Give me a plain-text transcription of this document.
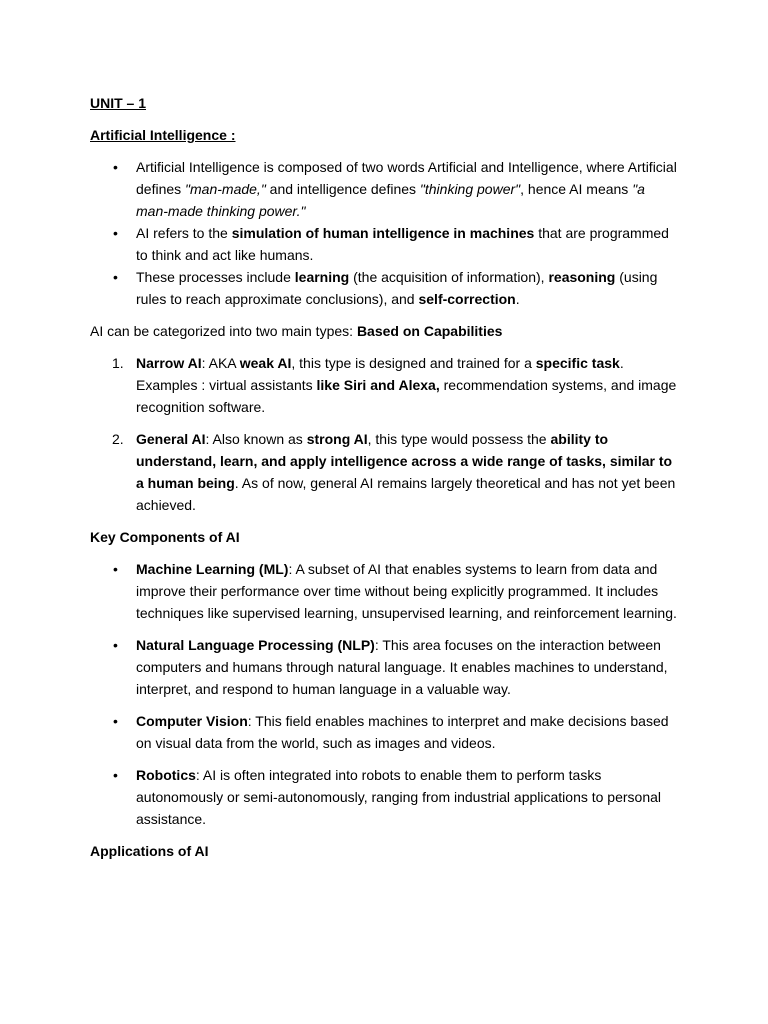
UNIT – 1

Artificial Intelligence :

• Artificial Intelligence is composed of two words Artificial and Intelligence, where Artificial defines "man-made," and intelligence defines "thinking power", hence AI means "a man-made thinking power."
• AI refers to the simulation of human intelligence in machines that are programmed to think and act like humans.
• These processes include learning (the acquisition of information), reasoning (using rules to reach approximate conclusions), and self-correction.

AI can be categorized into two main types: Based on Capabilities

1. Narrow AI: AKA weak AI, this type is designed and trained for a specific task. Examples : virtual assistants like Siri and Alexa, recommendation systems, and image recognition software.
2. General AI: Also known as strong AI, this type would possess the ability to understand, learn, and apply intelligence across a wide range of tasks, similar to a human being. As of now, general AI remains largely theoretical and has not yet been achieved.

Key Components of AI

• Machine Learning (ML): A subset of AI that enables systems to learn from data and improve their performance over time without being explicitly programmed. It includes techniques like supervised learning, unsupervised learning, and reinforcement learning.
• Natural Language Processing (NLP): This area focuses on the interaction between computers and humans through natural language. It enables machines to understand, interpret, and respond to human language in a valuable way.
• Computer Vision: This field enables machines to interpret and make decisions based on visual data from the world, such as images and videos.
• Robotics: AI is often integrated into robots to enable them to perform tasks autonomously or semi-autonomously, ranging from industrial applications to personal assistance.

Applications of AI
